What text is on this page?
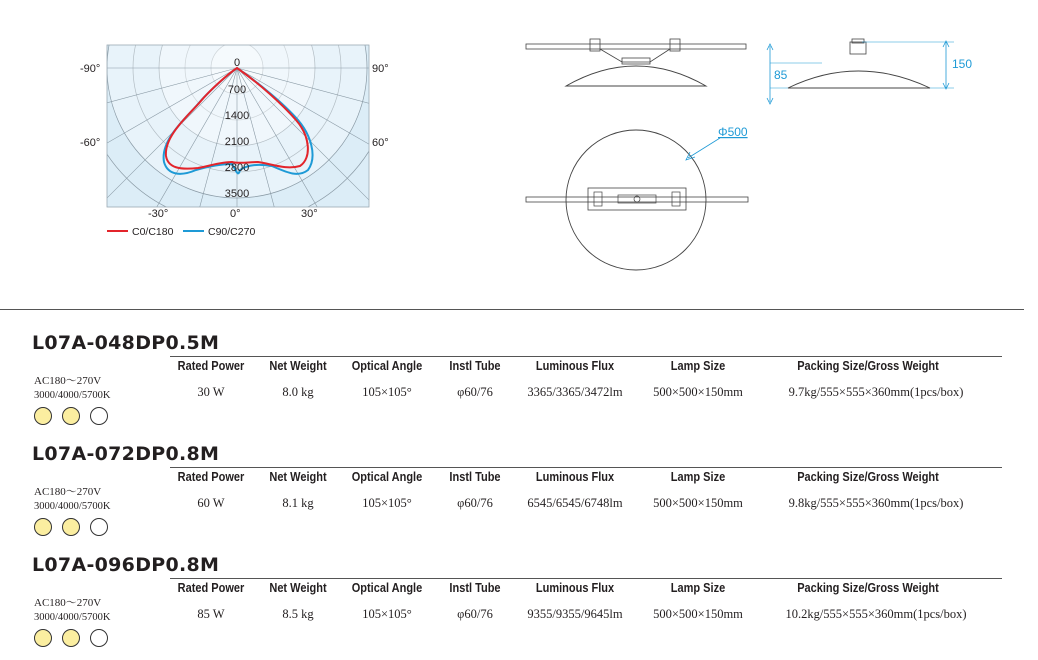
-90°
-60°
90°
60°
-30°	0°	30°
0
700
1400
2100
2800
3500
C0/C180	C90/C270
85
150
Φ500
L07A-048DP0.5M
AC180～270V
3000/4000/5700K
Rated Power	Net Weight	Optical Angle	Instl Tube	Luminous Flux	Lamp Size	Packing Size/Gross Weight
30 W	8.0 kg	105×105°	φ60/76	3365/3365/3472lm	500×500×150mm	9.7kg/555×555×360mm(1pcs/box)
L07A-072DP0.8M
AC180～270V
3000/4000/5700K
Rated Power	Net Weight	Optical Angle	Instl Tube	Luminous Flux	Lamp Size	Packing Size/Gross Weight
60 W	8.1 kg	105×105°	φ60/76	6545/6545/6748lm	500×500×150mm	9.8kg/555×555×360mm(1pcs/box)
L07A-096DP0.8M
AC180～270V
3000/4000/5700K
Rated Power	Net Weight	Optical Angle	Instl Tube	Luminous Flux	Lamp Size	Packing Size/Gross Weight
85 W	8.5 kg	105×105°	φ60/76	9355/9355/9645lm	500×500×150mm	10.2kg/555×555×360mm(1pcs/box)
